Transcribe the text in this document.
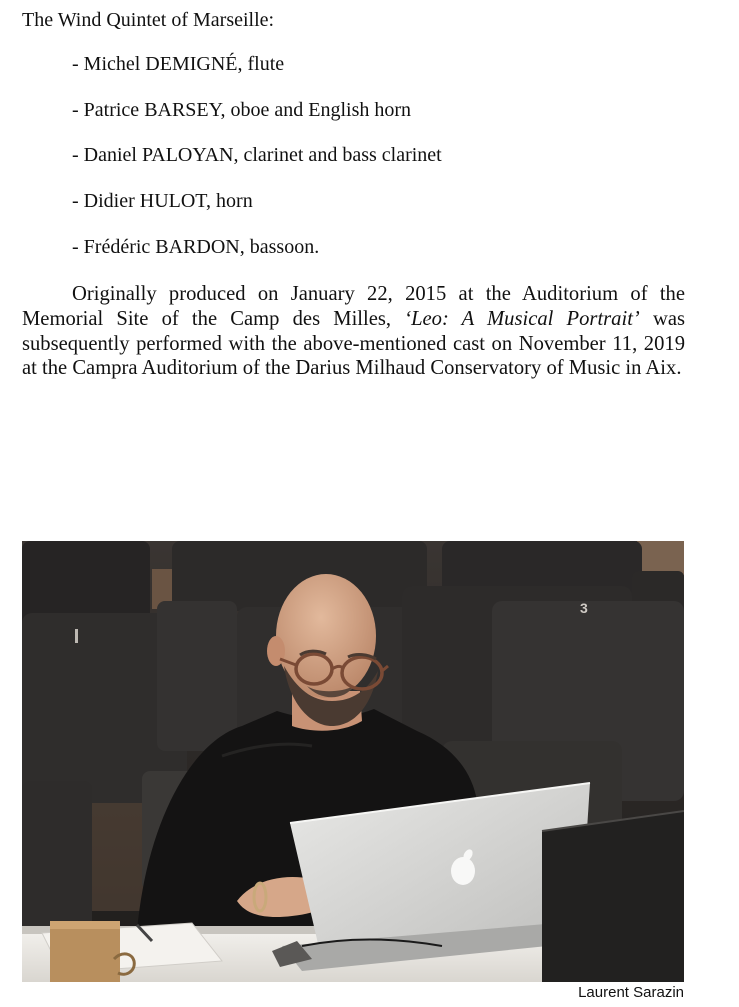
The Wind Quintet of Marseille:

- Michel DEMIGNÉ, flute
- Patrice BARSEY, oboe and English horn
- Daniel PALOYAN, clarinet and bass clarinet
- Didier HULOT, horn
- Frédéric BARDON, bassoon.

Originally produced on January 22, 2015 at the Auditorium of the Memorial Site of the Camp des Milles, ‘Leo: A Musical Portrait’ was subsequently performed with the above-mentioned cast on November 11, 2019 at the Campra Auditorium of the Darius Milhaud Conservatory of Music in Aix.

3
Laurent Sarazin
